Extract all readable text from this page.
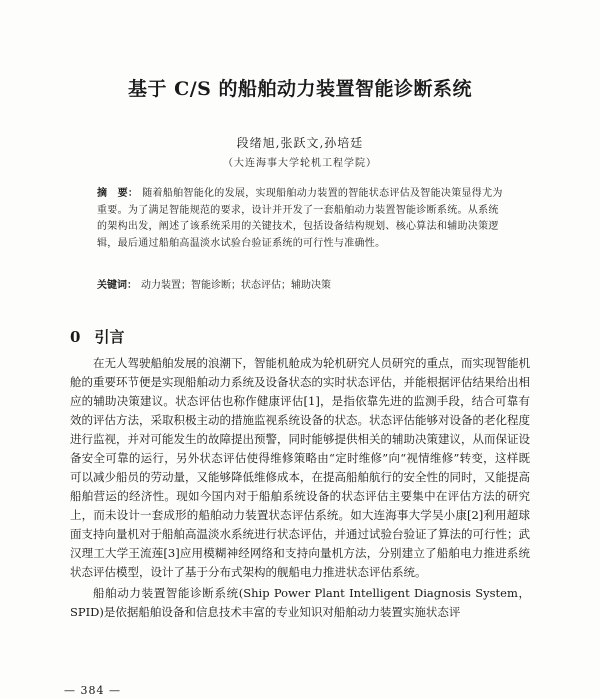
基于 C/S 的船舶动力装置智能诊断系统
段绪旭,张跃文,孙培廷
（大连海事大学轮机工程学院）
摘　要： 随着船舶智能化的发展，实现船舶动力装置的智能状态评估及智能决策显得尤为重要。为了满足智能规范的要求，设计并开发了一套船舶动力装置智能诊断系统。从系统的架构出发，阐述了该系统采用的关键技术，包括设备结构规划、核心算法和辅助决策逻辑，最后通过船舶高温淡水试验台验证系统的可行性与准确性。
关键词： 动力装置；智能诊断；状态评估；辅助决策
0 引言

在无人驾驶船舶发展的浪潮下，智能机舱成为轮机研究人员研究的重点，而实现智能机舱的重要环节便是实现船舶动力系统及设备状态的实时状态评估，并能根据评估结果给出相应的辅助决策建议。状态评估也称作健康评估[1]，是指依靠先进的监测手段，结合可靠有效的评估方法，采取积极主动的措施监视系统设备的状态。状态评估能够对设备的老化程度进行监视，并对可能发生的故障提出预警，同时能够提供相关的辅助决策建议，从而保证设备安全可靠的运行，另外状态评估使得维修策略由“定时维修”向“视情维修”转变，这样既可以减少船员的劳动量，又能够降低维修成本，在提高船舶航行的安全性的同时，又能提高船舶营运的经济性。现如今国内对于船舶系统设备的状态评估主要集中在评估方法的研究上，而未设计一套成形的船舶动力装置状态评估系统。如大连海事大学吴小康[2]利用超球面支持向量机对于船舶高温淡水系统进行状态评估，并通过试验台验证了算法的可行性；武汉理工大学王流莲[3]应用模糊神经网络和支持向量机方法，分别建立了船舶电力推进系统状态评估模型，设计了基于分布式架构的舰船电力推进状态评估系统。

船舶动力装置智能诊断系统(Ship Power Plant Intelligent Diagnosis System，SPID)是依据船舶设备和信息技术丰富的专业知识对船舶动力装置实施状态评

— 384 —
